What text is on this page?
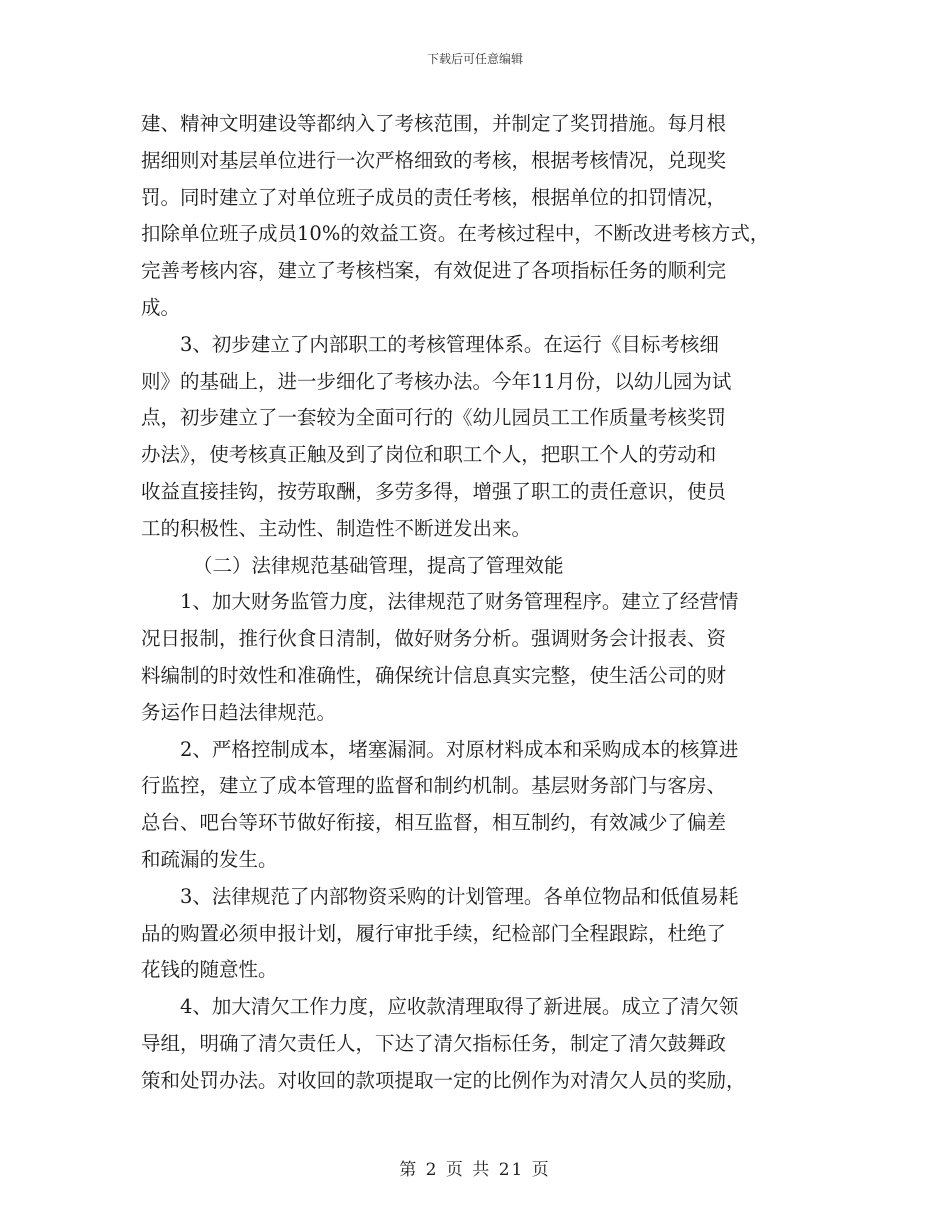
下载后可任意编辑
建、精神文明建设等都纳入了考核范围，并制定了奖罚措施。每月根
据细则对基层单位进行一次严格细致的考核，根据考核情况，兑现奖
罚。同时建立了对单位班子成员的责任考核，根据单位的扣罚情况，
扣除单位班子成员10%的效益工资。在考核过程中，不断改进考核方式，
完善考核内容，建立了考核档案，有效促进了各项指标任务的顺利完
成。
3、初步建立了内部职工的考核管理体系。在运行《目标考核细
则》的基础上，进一步细化了考核办法。今年11月份，以幼儿园为试
点，初步建立了一套较为全面可行的《幼儿园员工工作质量考核奖罚
办法》，使考核真正触及到了岗位和职工个人，把职工个人的劳动和
收益直接挂钩，按劳取酬，多劳多得，增强了职工的责任意识，使员
工的积极性、主动性、制造性不断迸发出来。
（二）法律规范基础管理，提高了管理效能
1、加大财务监管力度，法律规范了财务管理程序。建立了经营情
况日报制，推行伙食日清制，做好财务分析。强调财务会计报表、资
料编制的时效性和准确性，确保统计信息真实完整，使生活公司的财
务运作日趋法律规范。
2、严格控制成本，堵塞漏洞。对原材料成本和采购成本的核算进
行监控，建立了成本管理的监督和制约机制。基层财务部门与客房、
总台、吧台等环节做好衔接，相互监督，相互制约，有效减少了偏差
和疏漏的发生。
3、法律规范了内部物资采购的计划管理。各单位物品和低值易耗
品的购置必须申报计划，履行审批手续，纪检部门全程跟踪，杜绝了
花钱的随意性。
4、加大清欠工作力度，应收款清理取得了新进展。成立了清欠领
导组，明确了清欠责任人，下达了清欠指标任务，制定了清欠鼓舞政
策和处罚办法。对收回的款项提取一定的比例作为对清欠人员的奖励，
第 2 页 共 21 页
